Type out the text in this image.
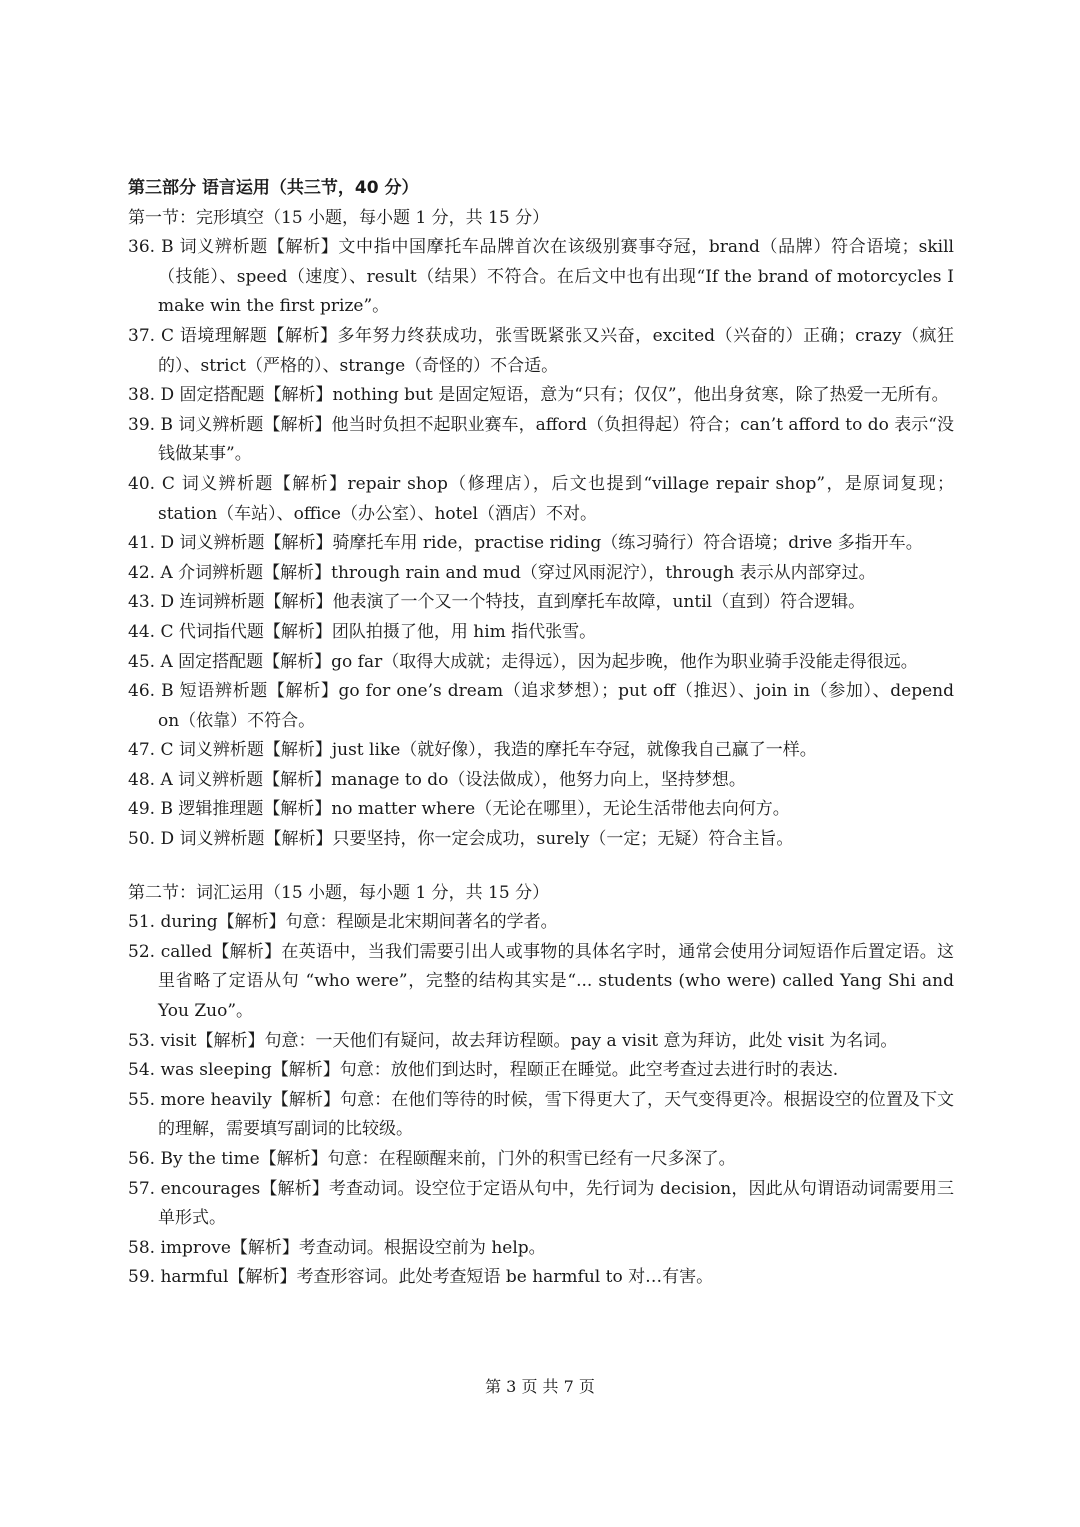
第三部分 语言运用（共三节，40 分）
第一节：完形填空（15 小题，每小题 1 分，共 15 分）
36. B 词义辨析题【解析】文中指中国摩托车品牌首次在该级别赛事夺冠，brand（品牌）符合语境；skill（技能）、speed（速度）、result（结果）不符合。在后文中也有出现“If the brand of motorcycles I make win the first prize”。
37. C 语境理解题【解析】多年努力终获成功，张雪既紧张又兴奋，excited（兴奋的）正确；crazy（疯狂的）、strict（严格的）、strange（奇怪的）不合适。
38. D 固定搭配题【解析】nothing but 是固定短语，意为“只有；仅仅”，他出身贫寒，除了热爱一无所有。
39. B 词义辨析题【解析】他当时负担不起职业赛车，afford（负担得起）符合；can’t afford to do 表示“没钱做某事”。
40. C 词义辨析题【解析】repair shop（修理店），后文也提到“village repair shop”，是原词复现；station（车站）、office（办公室）、hotel（酒店）不对。
41. D 词义辨析题【解析】骑摩托车用 ride，practise riding（练习骑行）符合语境；drive 多指开车。
42. A 介词辨析题【解析】through rain and mud（穿过风雨泥泞），through 表示从内部穿过。
43. D 连词辨析题【解析】他表演了一个又一个特技，直到摩托车故障，until（直到）符合逻辑。
44. C 代词指代题【解析】团队拍摄了他，用 him 指代张雪。
45. A 固定搭配题【解析】go far（取得大成就；走得远），因为起步晚，他作为职业骑手没能走得很远。
46. B 短语辨析题【解析】go for one’s dream（追求梦想）；put off（推迟）、join in（参加）、depend on（依靠）不符合。
47. C 词义辨析题【解析】just like（就好像），我造的摩托车夺冠，就像我自己赢了一样。
48. A 词义辨析题【解析】manage to do（设法做成），他努力向上，坚持梦想。
49. B 逻辑推理题【解析】no matter where（无论在哪里），无论生活带他去向何方。
50. D 词义辨析题【解析】只要坚持，你一定会成功，surely（一定；无疑）符合主旨。
第二节：词汇运用（15 小题，每小题 1 分，共 15 分）
51. during【解析】句意：程颐是北宋期间著名的学者。
52. called【解析】在英语中，当我们需要引出人或事物的具体名字时，通常会使用分词短语作后置定语。这里省略了定语从句 “who were”，完整的结构其实是“... students (who were) called Yang Shi and You Zuo”。
53. visit【解析】句意：一天他们有疑问，故去拜访程颐。pay a visit 意为拜访，此处 visit 为名词。
54. was sleeping【解析】句意：放他们到达时，程颐正在睡觉。此空考查过去进行时的表达.
55. more heavily【解析】句意：在他们等待的时候，雪下得更大了，天气变得更冷。根据设空的位置及下文的理解，需要填写副词的比较级。
56. By the time【解析】句意：在程颐醒来前，门外的积雪已经有一尺多深了。
57. encourages【解析】考查动词。设空位于定语从句中，先行词为 decision，因此从句谓语动词需要用三单形式。
58. improve【解析】考查动词。根据设空前为 help。
59. harmful【解析】考查形容词。此处考查短语 be harmful to 对…有害。
第 3 页 共 7 页
